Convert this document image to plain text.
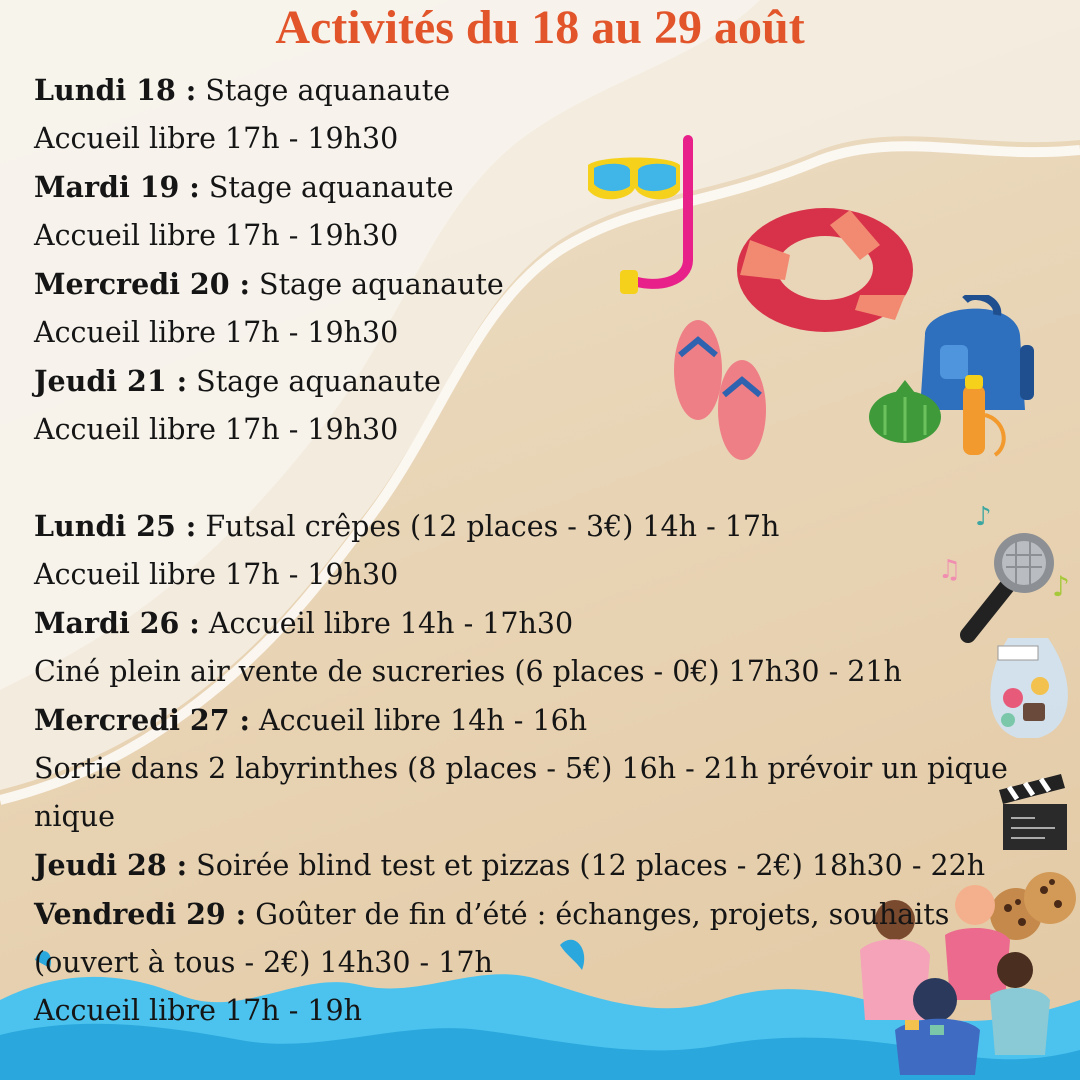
♪
♫	♪
Activités du 18 au 29 août
Lundi 18 : Stage aquanaute
Accueil libre 17h - 19h30
Mardi 19 : Stage aquanaute
Accueil libre 17h - 19h30
Mercredi 20 : Stage aquanaute
Accueil libre 17h - 19h30
Jeudi 21 : Stage aquanaute
Accueil libre 17h - 19h30
Lundi 25 : Futsal crêpes (12 places - 3€) 14h - 17h
Accueil libre 17h - 19h30
Mardi 26 : Accueil libre 14h - 17h30
Ciné plein air vente de sucreries (6 places - 0€) 17h30 - 21h
Mercredi 27 : Accueil libre 14h - 16h
Sortie dans 2 labyrinthes (8 places - 5€) 16h - 21h prévoir un pique nique
Jeudi 28 : Soirée blind test et pizzas (12 places - 2€) 18h30 - 22h
Vendredi 29 : Goûter de fin d’été : échanges, projets, souhaits (ouvert à tous - 2€) 14h30 - 17h
Accueil libre 17h - 19h
